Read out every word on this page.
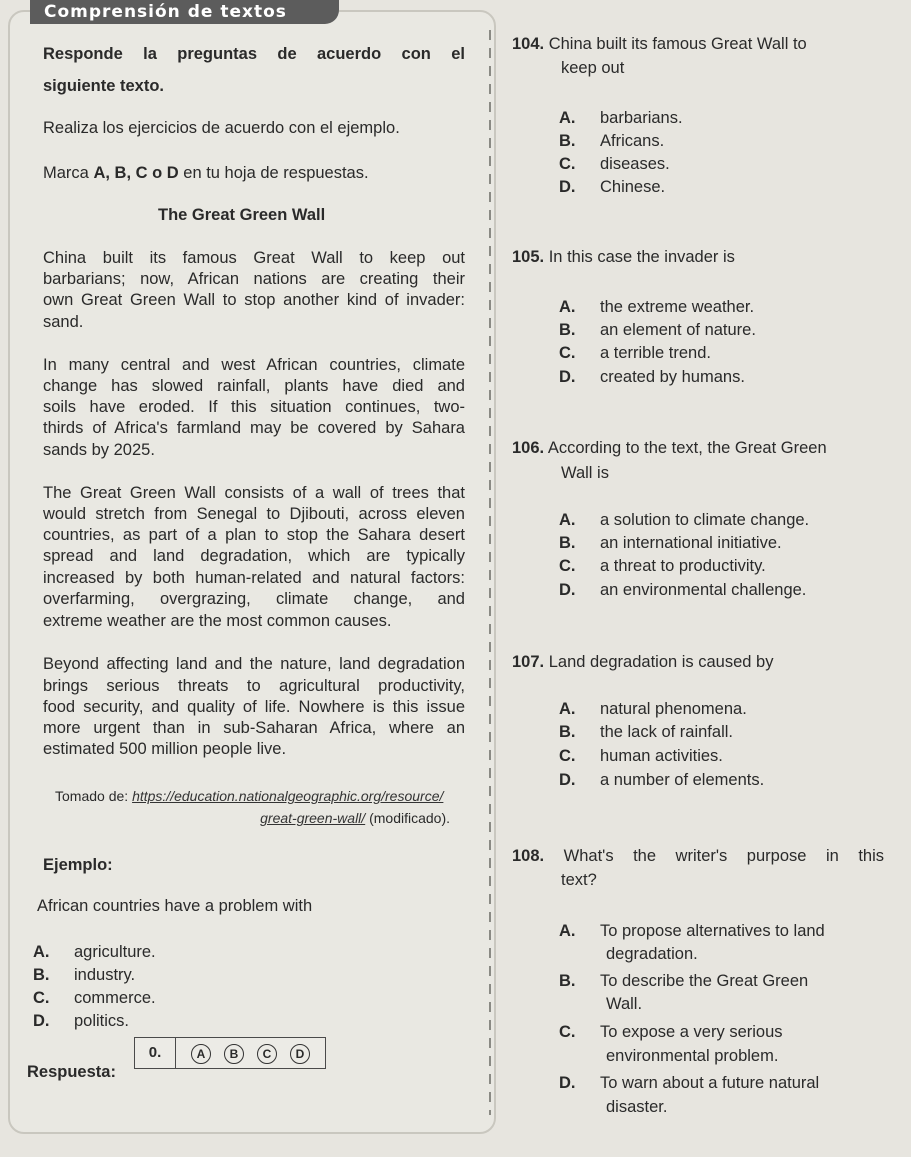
Comprensión de textos
Responde la preguntas de acuerdo con el
siguiente texto.
Realiza los ejercicios de acuerdo con el ejemplo.
Marca A, B, C o D en tu hoja de respuestas.
The Great Green Wall
China built its famous Great Wall to keep out
barbarians; now, African nations are creating their
own Great Green Wall to stop another kind of invader:
sand.
In many central and west African countries, climate
change has slowed rainfall, plants have died and
soils have eroded. If this situation continues, two-
thirds of Africa's farmland may be covered by Sahara
sands by 2025.
The Great Green Wall consists of a wall of trees that
would stretch from Senegal to Djibouti, across eleven
countries, as part of a plan to stop the Sahara desert
spread and land degradation, which are typically
increased by both human-related and natural factors:
overfarming, overgrazing, climate change, and
extreme weather are the most common causes.
Beyond affecting land and the nature, land degradation
brings serious threats to agricultural productivity,
food security, and quality of life. Nowhere is this issue
more urgent than in sub-Saharan Africa, where an
estimated 500 million people live.
Tomado de: https://education.nationalgeographic.org/resource/
great-green-wall/ (modificado).
Ejemplo:
African countries have a problem with
A. agriculture.
B. industry.
C. commerce.
D. politics.
Respuesta:
0.	A	B	C	D
104. China built its famous Great Wall to
keep out
A. barbarians.
B. Africans.
C. diseases.
D. Chinese.
105. In this case the invader is
A. the extreme weather.
B. an element of nature.
C. a terrible trend.
D. created by humans.
106. According to the text, the Great Green
Wall is
A. a solution to climate change.
B. an international initiative.
C. a threat to productivity.
D. an environmental challenge.
107. Land degradation is caused by
A. natural phenomena.
B. the lack of rainfall.
C. human activities.
D. a number of elements.
108. What's the writer's purpose in this
text?
A. To propose alternatives to land
degradation.
B. To describe the Great Green
Wall.
C. To expose a very serious
environmental problem.
D. To warn about a future natural
disaster.
